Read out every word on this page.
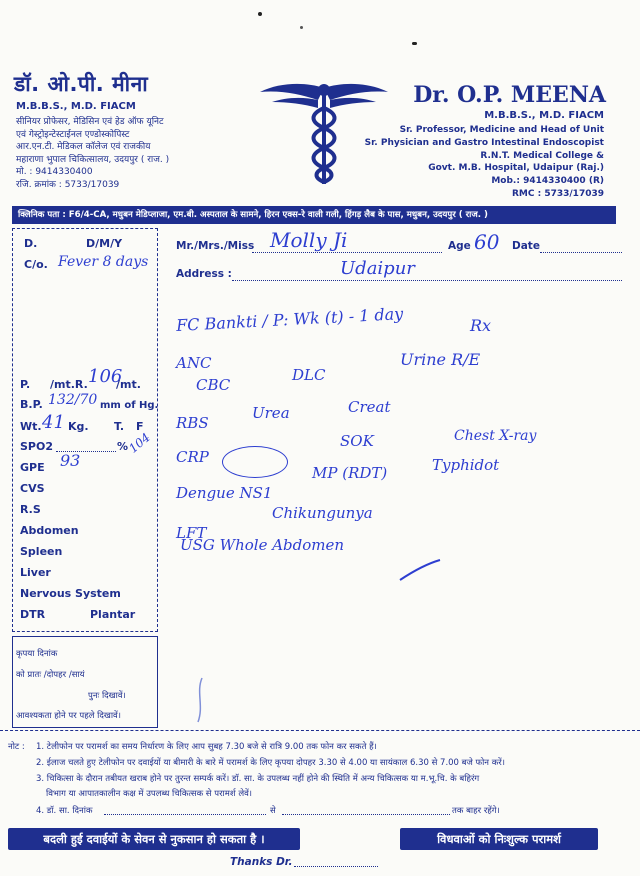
डॉ. ओ.पी. मीना
M.B.B.S., M.D. FIACM
सीनियर प्रोफेसर, मेडिसिन एवं हेड ऑफ यूनिट
एवं गेस्ट्रोइन्टेस्टाईनल एण्डोस्कोपिस्ट
आर.एन.टी. मेडिकल कॉलेज एवं राजकीय
महाराणा भुपाल चिकित्सालय, उदयपुर ( राज. )
मो. : 9414330400
रजि. क्रमांक : 5733/17039
Dr. O.P. MEENA
M.B.B.S., M.D. FIACM
Sr. Professor, Medicine and Head of Unit
Sr. Physician and Gastro Intestinal Endoscopist
R.N.T. Medical College &
Govt. M.B. Hospital, Udaipur (Raj.)
Mob.: 9414330400 (R)
RMC : 5733/17039
क्लिनिक पता : F6/4-CA, मधुबन मेडिप्लाजा, एम.बी. अस्पताल के सामने, हिरन एक्स-रे वाली गली, हिंगड़ लैब के पास, मधुबन, उदयपुर ( राज. )
D.	D/M/Y
C/o. Fever 8 days
P. /mt.R. 106
/mt.
B.P. 132/70 mm of Hg.
Wt. 41 Kg. T. F
SPO2	%
104
GPE 93
CVS
R.S
Abdomen
Spleen
Liver
Nervous System
DTR	Plantar
कृपया दिनांक
को प्रातः /दोपहर /सायं
पुनः दिखावें।
आवश्यकता होने पर पहले दिखावें।
Mr./Mrs./Miss Molly Ji	Age 60 Date
Address :	Udaipur
FC Bankti / P: Wk (t) - 1 day	Rx
ANC
CBC
DLC
RBS
LFT
Urea	Creat
SOK	Chest X-ray
Urine R/E
CRP
MP (RDT)
Dengue NS1
Typhidot
Chikungunya
USG Whole Abdomen
नोट : 1. टेलीफोन पर परामर्श का समय निर्धारण के लिए आप सुबह 7.30 बजे से रात्रि 9.00 तक फोन कर सकते हैं।
2. ईलाज चलते हुए टेलीफोन पर दवाईयों या बीमारी के बारे में परामर्श के लिए कृपया दोपहर 3.30 से 4.00 या सायंकाल 6.30 से 7.00 बजे फोन करें।
3. चिकित्सा के दौरान तबीयत खराब होने पर तुरन्त सम्पर्क करें। डॉ. सा. के उपलब्ध नहीं होने की स्थिति में अन्य चिकित्सक या म.भू.चि. के बहिरंग
विभाग या आपातकालीन कक्ष में उपलब्ध चिकित्सक से परामर्श लेवें।
4. डॉ. सा. दिनांक	से	तक बाहर रहेंगे।
बदली हुई दवाईयों के सेवन से नुकसान हो सकता है ।	विधवाओं को निःशुल्क परामर्श
Thanks Dr.
